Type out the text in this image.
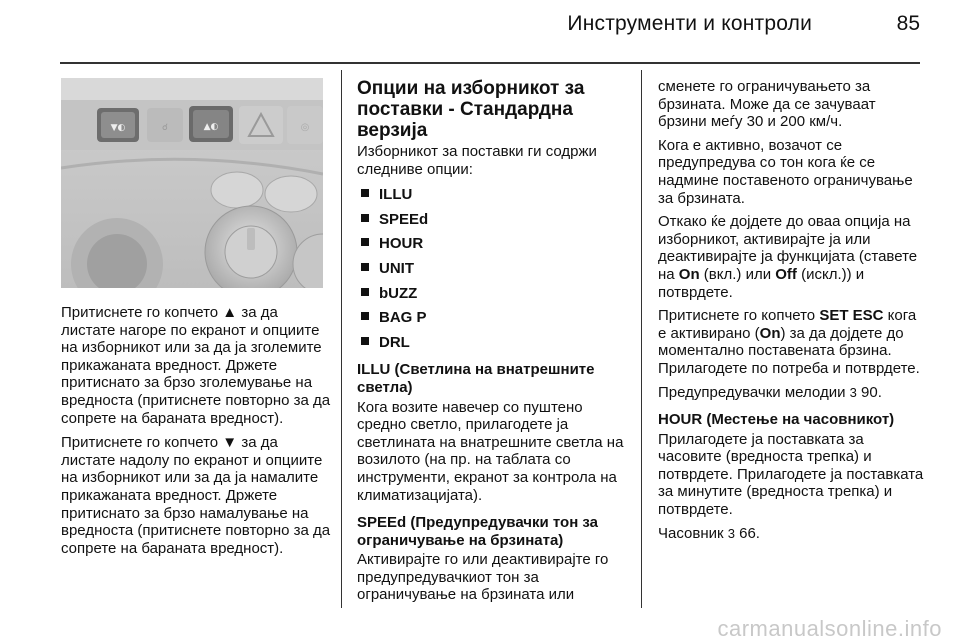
Инструменти и контроли	85
▼◐	☌	▲◐	◎

Притиснете го копчето ▲ за да листате нагоре по екранот и опциите на изборникот или за да ја зголемите прикажаната вредност. Држете притиснато за брзо зголемување на вредноста (притиснете повторно за да сопрете на бараната вредност).

Притиснете го копчето ▼ за да листате надолу по екранот и опциите на изборникот или за да ја намалите прикажаната вредност. Држете притиснато за брзо намалување на вредноста (притиснете повторно за да сопрете на бараната вредност).

Опции на изборникот за поставки - Стандардна верзија

Изборникот за поставки ги содржи следниве опции:

ILLU
SPEEd
HOUR
UNIT
bUZZ
BAG P
DRL
ILLU (Светлина на внатрешните светла)

Кога возите навечер со пуштено средно светло, прилагодете ја светлината на внатрешните светла на возилото (на пр. на таблата со инструменти, екранот за контрола на климатизацијата).

SPEEd (Предупредувачки тон за ограничување на брзината)

Активирајте го или деактивирајте го предупредувачкиот тон за ограничување на брзината или

сменете го ограничувањето за брзината. Може да се зачуваат брзини меѓу 30 и 200 км/ч.

Кога е активно, возачот се предупредува со тон кога ќе се надмине поставеното ограничување за брзината.

Откако ќе дојдете до оваа опција на изборникот, активирајте ја или деактивирајте ја функцијата (ставете на On (вкл.) или Off (искл.)) и потврдете.

Притиснете го копчето SET ESC кога е активирано (On) за да дојдете до моменталнo поставената брзина. Прилагодете по потреба и потврдете.

Предупредувачки мелодии 3 90.

HOUR (Местење на часовникот)

Прилагодете ја поставката за часовите (вредноста трепка) и потврдете. Прилагодете ја поставката за минутите (вредноста трепка) и потврдете.

Часовник 3 66.

carmanualsonline.info
